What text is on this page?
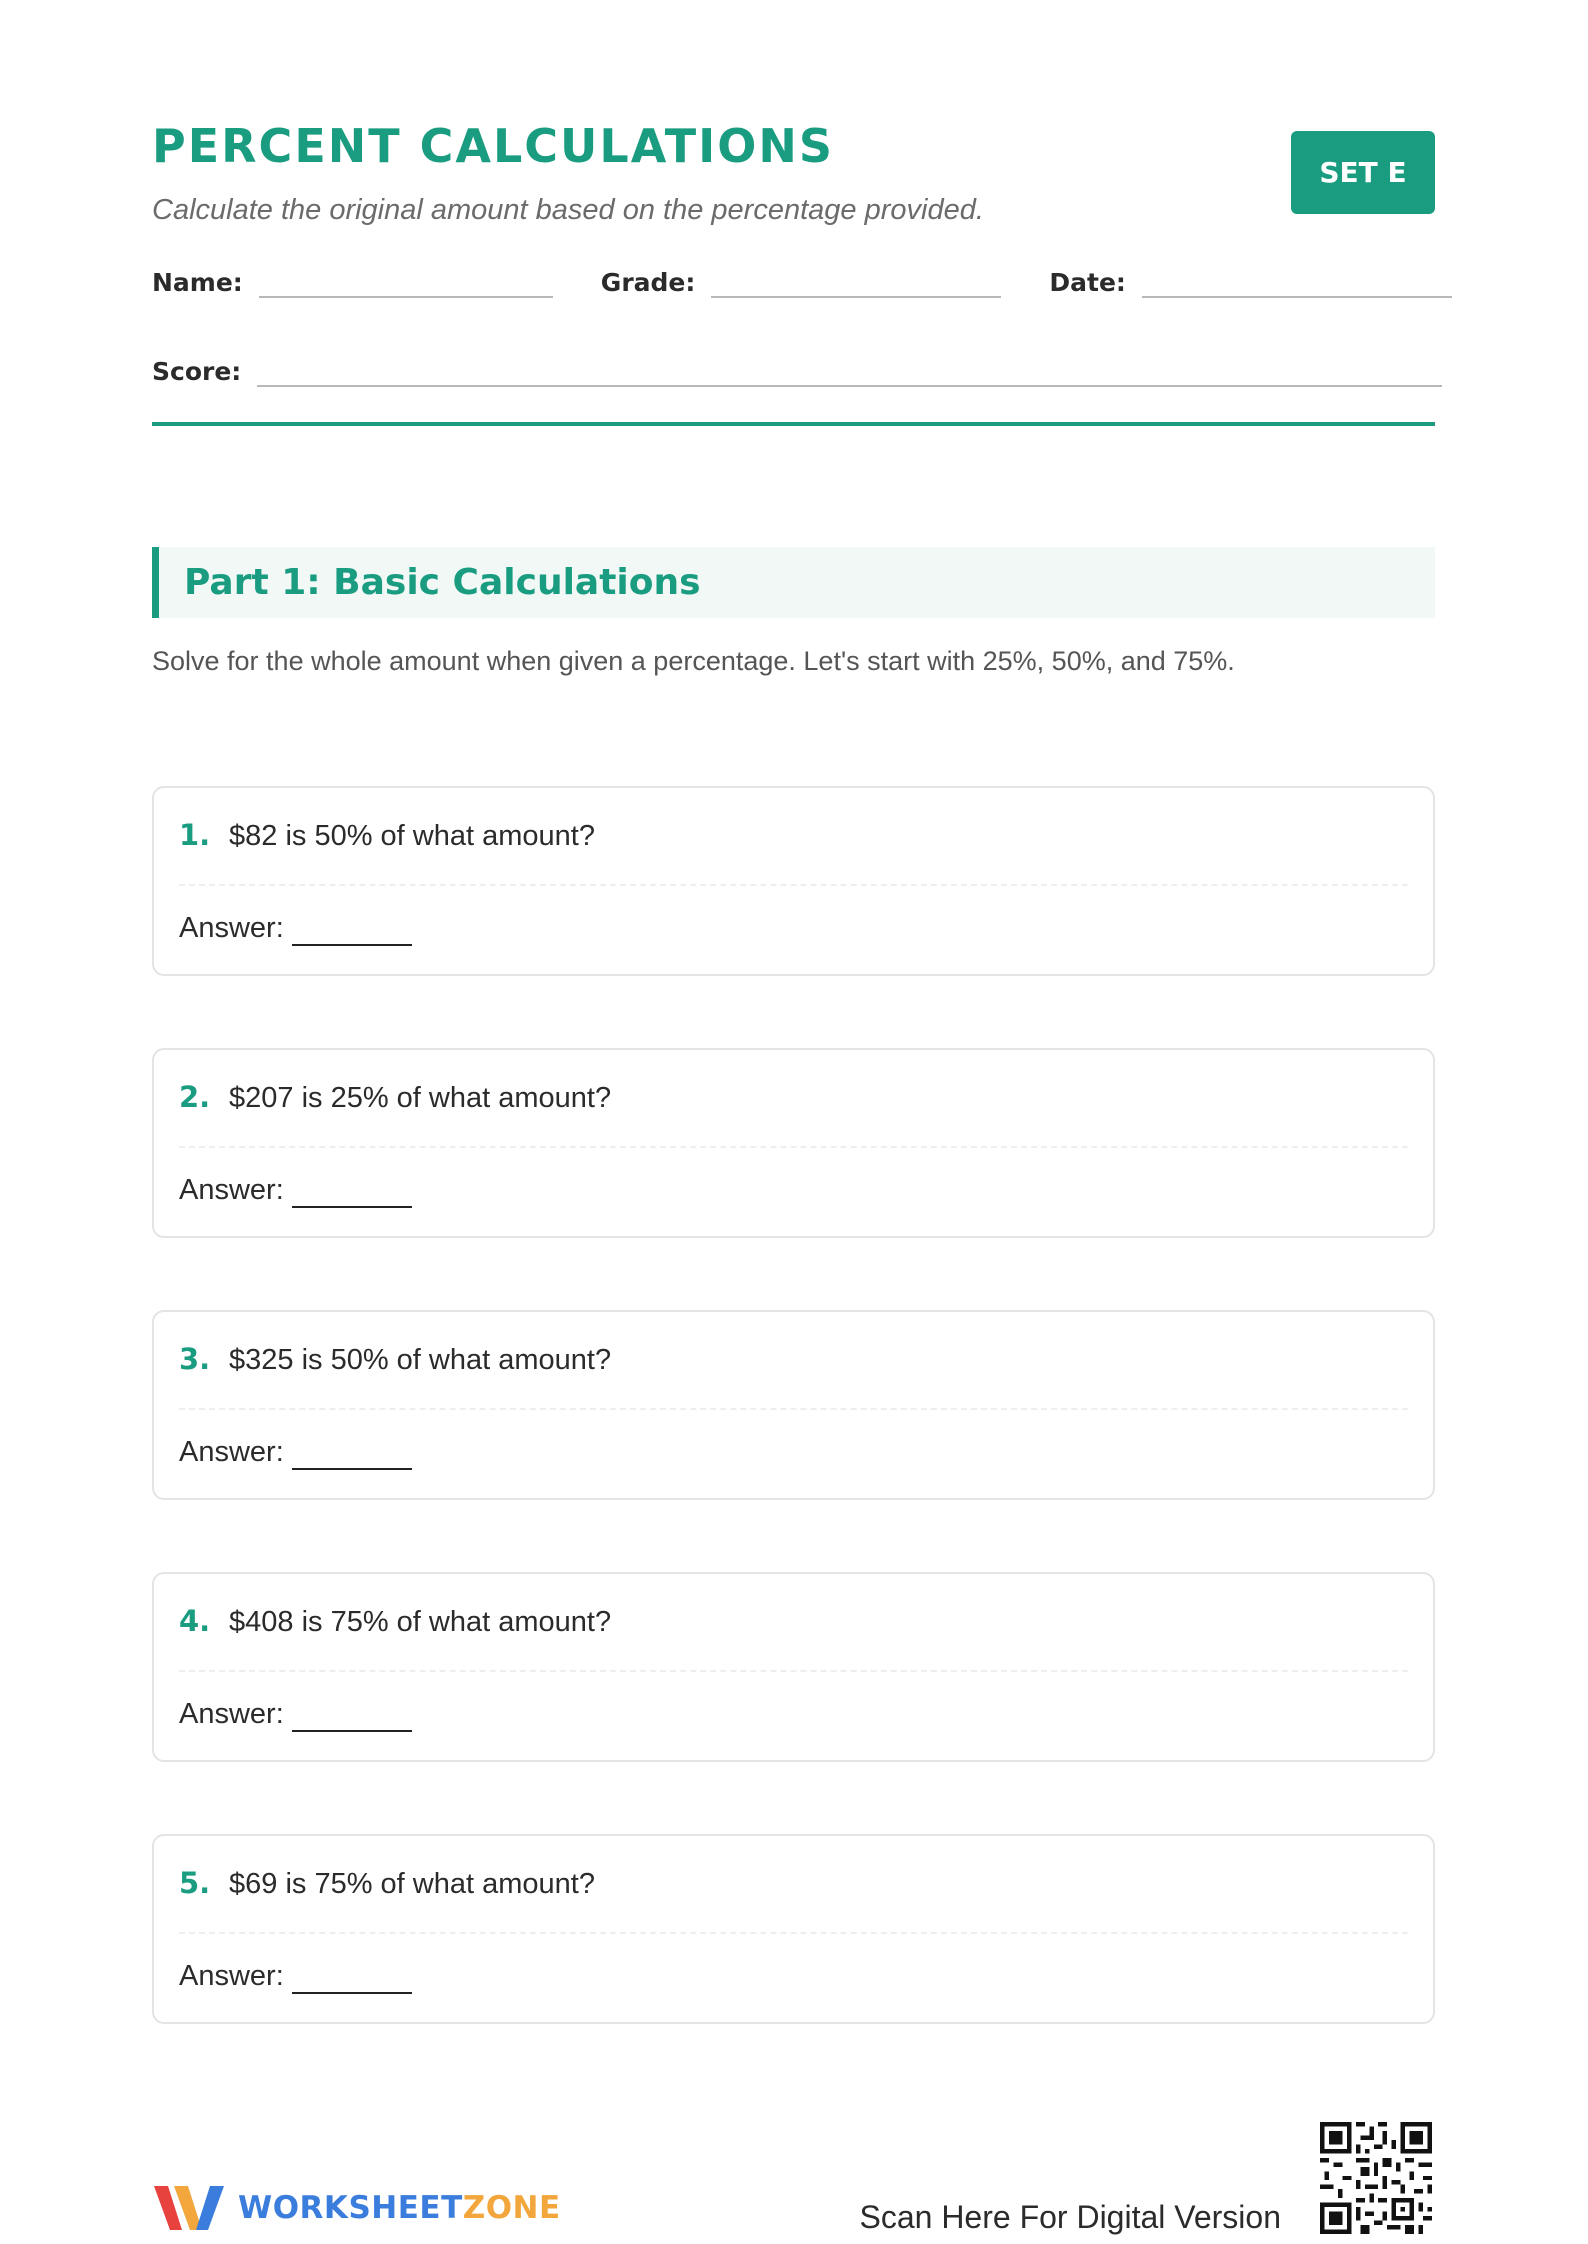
PERCENT CALCULATIONS

Calculate the original amount based on the percentage provided.

SET E
Name:	Grade:	Date:
Score:
Part 1: Basic Calculations

Solve for the whole amount when given a percentage. Let's start with 25%, 50%, and 75%.

1. $82 is 50% of what amount?
Answer:
2. $207 is 25% of what amount?
Answer:
3. $325 is 50% of what amount?
Answer:
4. $408 is 75% of what amount?
Answer:
5. $69 is 75% of what amount?
Answer:
WORKSHEETZONE	Scan Here For Digital Version
